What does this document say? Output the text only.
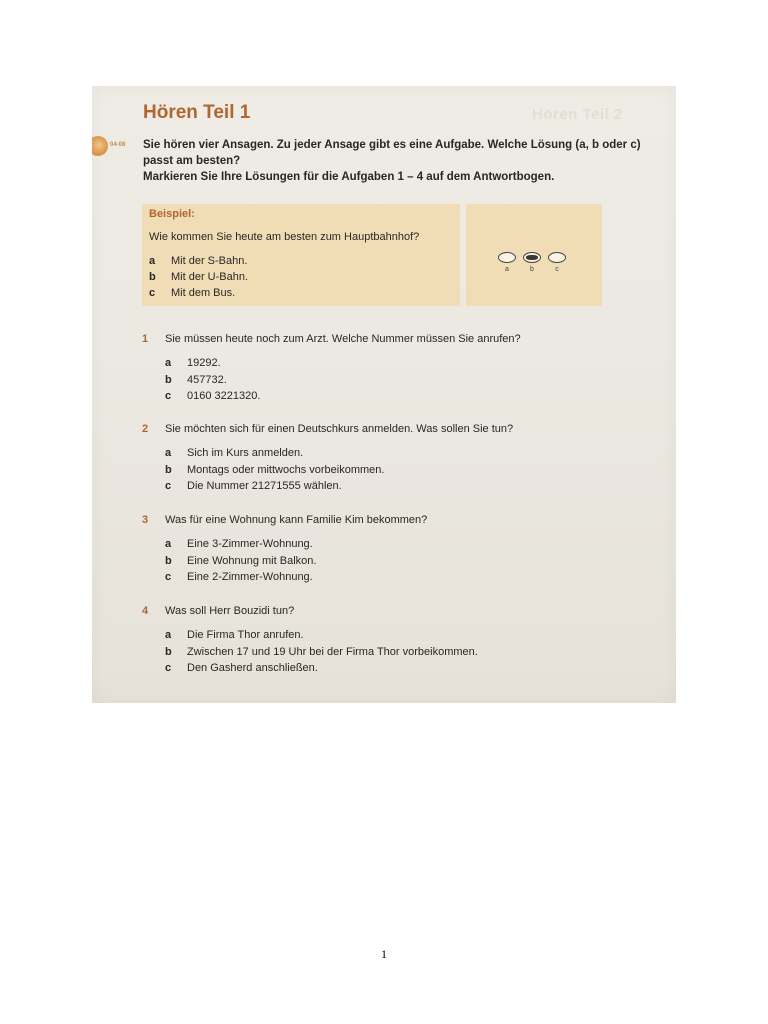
Hören Teil 2
Hören Teil 1
04-08 Sie hören vier Ansagen. Zu jeder Ansage gibt es eine Aufgabe. Welche Lösung (a, b oder c) passt am besten?

Markieren Sie Ihre Lösungen für die Aufgaben 1 – 4 auf dem Antwortbogen.

Beispiel:
Wie kommen Sie heute am besten zum Hauptbahnhof?
a	Mit der S-Bahn.
b	Mit der U-Bahn.
c	Mit dem Bus.
a	b	c
1	Sie müssen heute noch zum Arzt. Welche Nummer müssen Sie anrufen?
a	19292.
b	457732.
c	0160 3221320.
2	Sie möchten sich für einen Deutschkurs anmelden. Was sollen Sie tun?
a	Sich im Kurs anmelden.
b	Montags oder mittwochs vorbeikommen.
c	Die Nummer 21271555 wählen.
3	Was für eine Wohnung kann Familie Kim bekommen?
a	Eine 3-Zimmer-Wohnung.
b	Eine Wohnung mit Balkon.
c	Eine 2-Zimmer-Wohnung.
4	Was soll Herr Bouzidi tun?
a	Die Firma Thor anrufen.
b	Zwischen 17 und 19 Uhr bei der Firma Thor vorbeikommen.
c	Den Gasherd anschließen.
1
